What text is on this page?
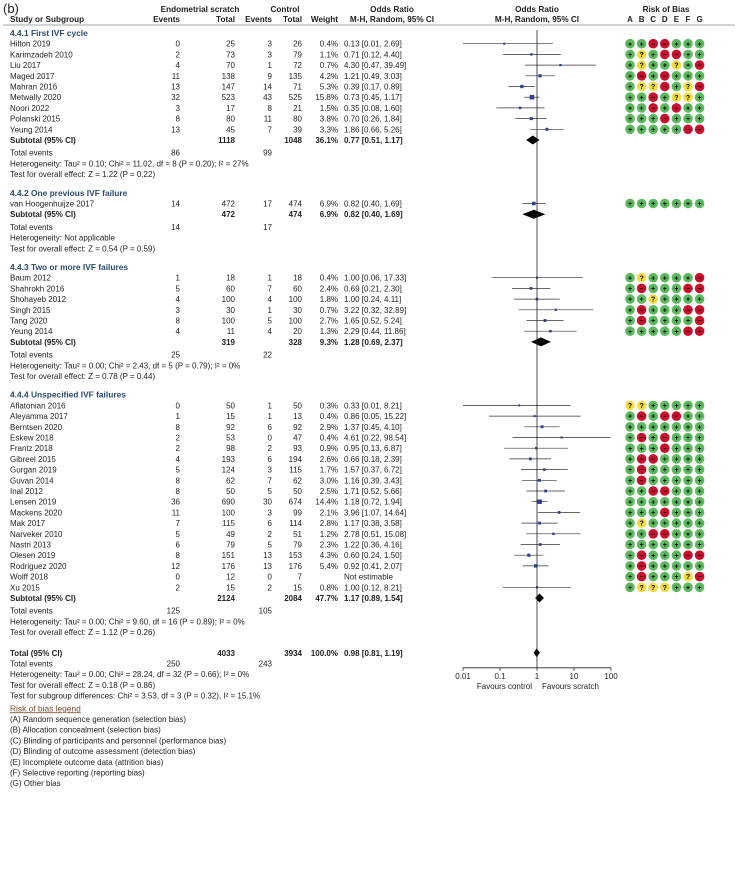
(b)	Endometrial scratch	Control	Odds Ratio	Odds Ratio	Risk of Bias
Study or Subgroup	Events	Total Events Total Weight M-H, Random, 95% CI	M-H, Random, 95% CI	A B C D E F G
4.4.1 First IVF cycle
Hilton 2019	0	25	3	26 0.4% 0.13 [0.01, 2.69]	+ + − − + + +
Karimzadeh 2010	2	73	3	79 1.1% 0.71 [0.12, 4.40]	+ ? + − − + +
Liu 2017	4	70	1	72 0.7% 4.30 [0.47, 39.49]	+ ? + + ? + −
Maged 2017	11	138	9 135 4.2% 1.21 [0.49, 3.03]	+ − + − + + +
Mahran 2016	13	147	14	71 5.3% 0.39 [0.17, 0.89]	+ ? ? − + ? −
Metwally 2020	32	523	43 525 15.8% 0.73 [0.45, 1.17]	+ + − + ? ? +
Noori 2022	3	17	8	21 1.5% 0.35 [0.08, 1.60]	+ + − + − + +
Polanski 2015	8	80	11	80 3.8% 0.70 [0.26, 1.84]	+ + + − + + +
Yeung 2014	13	45	7	39 3.3% 1.86 [0.66, 5.26]	+ + + + + − −
Subtotal (95% CI)	1118	1048 36.1% 0.77 [0.51, 1.17]
Total events	86	99
Heterogeneity: Tau² = 0.10; Chi² = 11.02, df = 8 (P = 0.20); I² = 27%
Test for overall effect: Z = 1.22 (P = 0.22)
4.4.2 One previous IVF failure
van Hoogenhuijze 2017	14	472	17 474 6.9% 0.82 [0.40, 1.69]	+ + + + + + +
Subtotal (95% CI)	472	474 6.9% 0.82 [0.40, 1.69]
Total events	14	17
Heterogeneity: Not applicable
Test for overall effect: Z = 0.54 (P = 0.59)
4.4.3 Two or more IVF failures
Baum 2012	1	18	1	18 0.4% 1.00 [0.06, 17.33]	+ ? + + + + −
Shahrokh 2016	5	60	7	60 2.4% 0.69 [0.21, 2.30]	+ − + + + − −
Shohayeb 2012	4	100	4 100 1.8% 1.00 [0.24, 4.11]	+ + ? + + + +
Singh 2015	3	30	1	30 0.7% 3.22 [0.32, 32.89]	+ − + + + − −
Tang 2020	8	100	5 100 2.7% 1.65 [0.52, 5.24]	+ − + + + + −
Yeung 2014	4	11	4	20 1.3% 2.29 [0.44, 11.86]	+ + + + + − −
Subtotal (95% CI)	319	328 9.3% 1.28 [0.69, 2.37]
Total events	25	22
Heterogeneity: Tau² = 0.00; Chi² = 2.43, df = 5 (P = 0.79); I² = 0%
Test for overall effect: Z = 0.78 (P = 0.44)
4.4.4 Unspecified IVF failures
Aflatonian 2016	0	50	1	50 0.3% 0.33 [0.01, 8.21]	? ? + + + + +
Aleyamma 2017	1	15	1	13 0.4% 0.86 [0.05, 15.22]	+ − + − − + +
Berntsen 2020	8	92	6	92 2.9% 1.37 [0.45, 4.10]	+ + + + + + +
Eskew 2018	2	53	0	47 0.4% 4.61 [0.22, 98.54]	+ − + − + + +
Frantz 2018	2	98	2	93 0.9% 0.95 [0.13, 6.87]	+ + + − + + +
Gibreel 2015	4	193	6 194 2.6% 0.66 [0.18, 2.39]	+ − − + + + +
Gurgan 2019	5	124	3 115 1.7% 1.57 [0.37, 6.72]	+ − + + + + +
Guvan 2014	8	62	7	62 3.0% 1.16 [0.39, 3.43]	+ − + + + + +
Inal 2012	8	50	5	50 2.5% 1.71 [0.52, 5.66]	+ + − − + + +
Lensen 2019	36	690	30 674 14.4% 1.18 [0.72, 1.94]	+ + + + + + +
Mackens 2020	11	100	3	99 2.1% 3.96 [1.07, 14.64]	+ + + − + + +
Mak 2017	7	115	6 114 2.8% 1.17 [0.38, 3.58]	+ ? + + + + +
Narveker 2010	5	49	2	51 1.2% 2.78 [0.51, 15.08]	+ + − − + + +
Nastri 2013	6	79	5	79 2.3% 1.22 [0.36, 4.16]	+ + + + + + +
Olesen 2019	8	151	13 153 4.3% 0.60 [0.24, 1.50]	+ − + + + − −
Rodriguez 2020	12	176	13 176 5.4% 0.92 [0.41, 2.07]	+ − + + + + +
Wolff 2018	0	12	0	7	Not estimable	+ − + + + ? −
Xu 2015	2	15	2	15 0.8% 1.00 [0.12, 8.21]	+ ? ? ? + + +
Subtotal (95% CI)	2124	2084 47.7% 1.17 [0.89, 1.54]
Total events	125	105
Heterogeneity: Tau² = 0.00; Chi² = 9.60, df = 16 (P = 0.89); I² = 0%
Test for overall effect: Z = 1.12 (P = 0.26)
Total (95% CI)	4033	3934 100.0% 0.98 [0.81, 1.19]
Total events	250	243
Heterogeneity: Tau² = 0.00; Chi² = 28.24, df = 32 (P = 0.66); I² = 0%
Test for overall effect: Z = 0.18 (P = 0.86)
Test for subgroup differences: Chi² = 3.53, df = 3 (P = 0.32), I² = 15.1%
0.01	0.1	1	10	100
Favours control Favours scratch
Risk of bias legend
(A) Random sequence generation (selection bias)
(B) Allocation concealment (selection bias)
(C) Blinding of participants and personnel (performance bias)
(D) Blinding of outcome assessment (detection bias)
(E) Incomplete outcome data (attrition bias)
(F) Selective reporting (reporting bias)
(G) Other bias
